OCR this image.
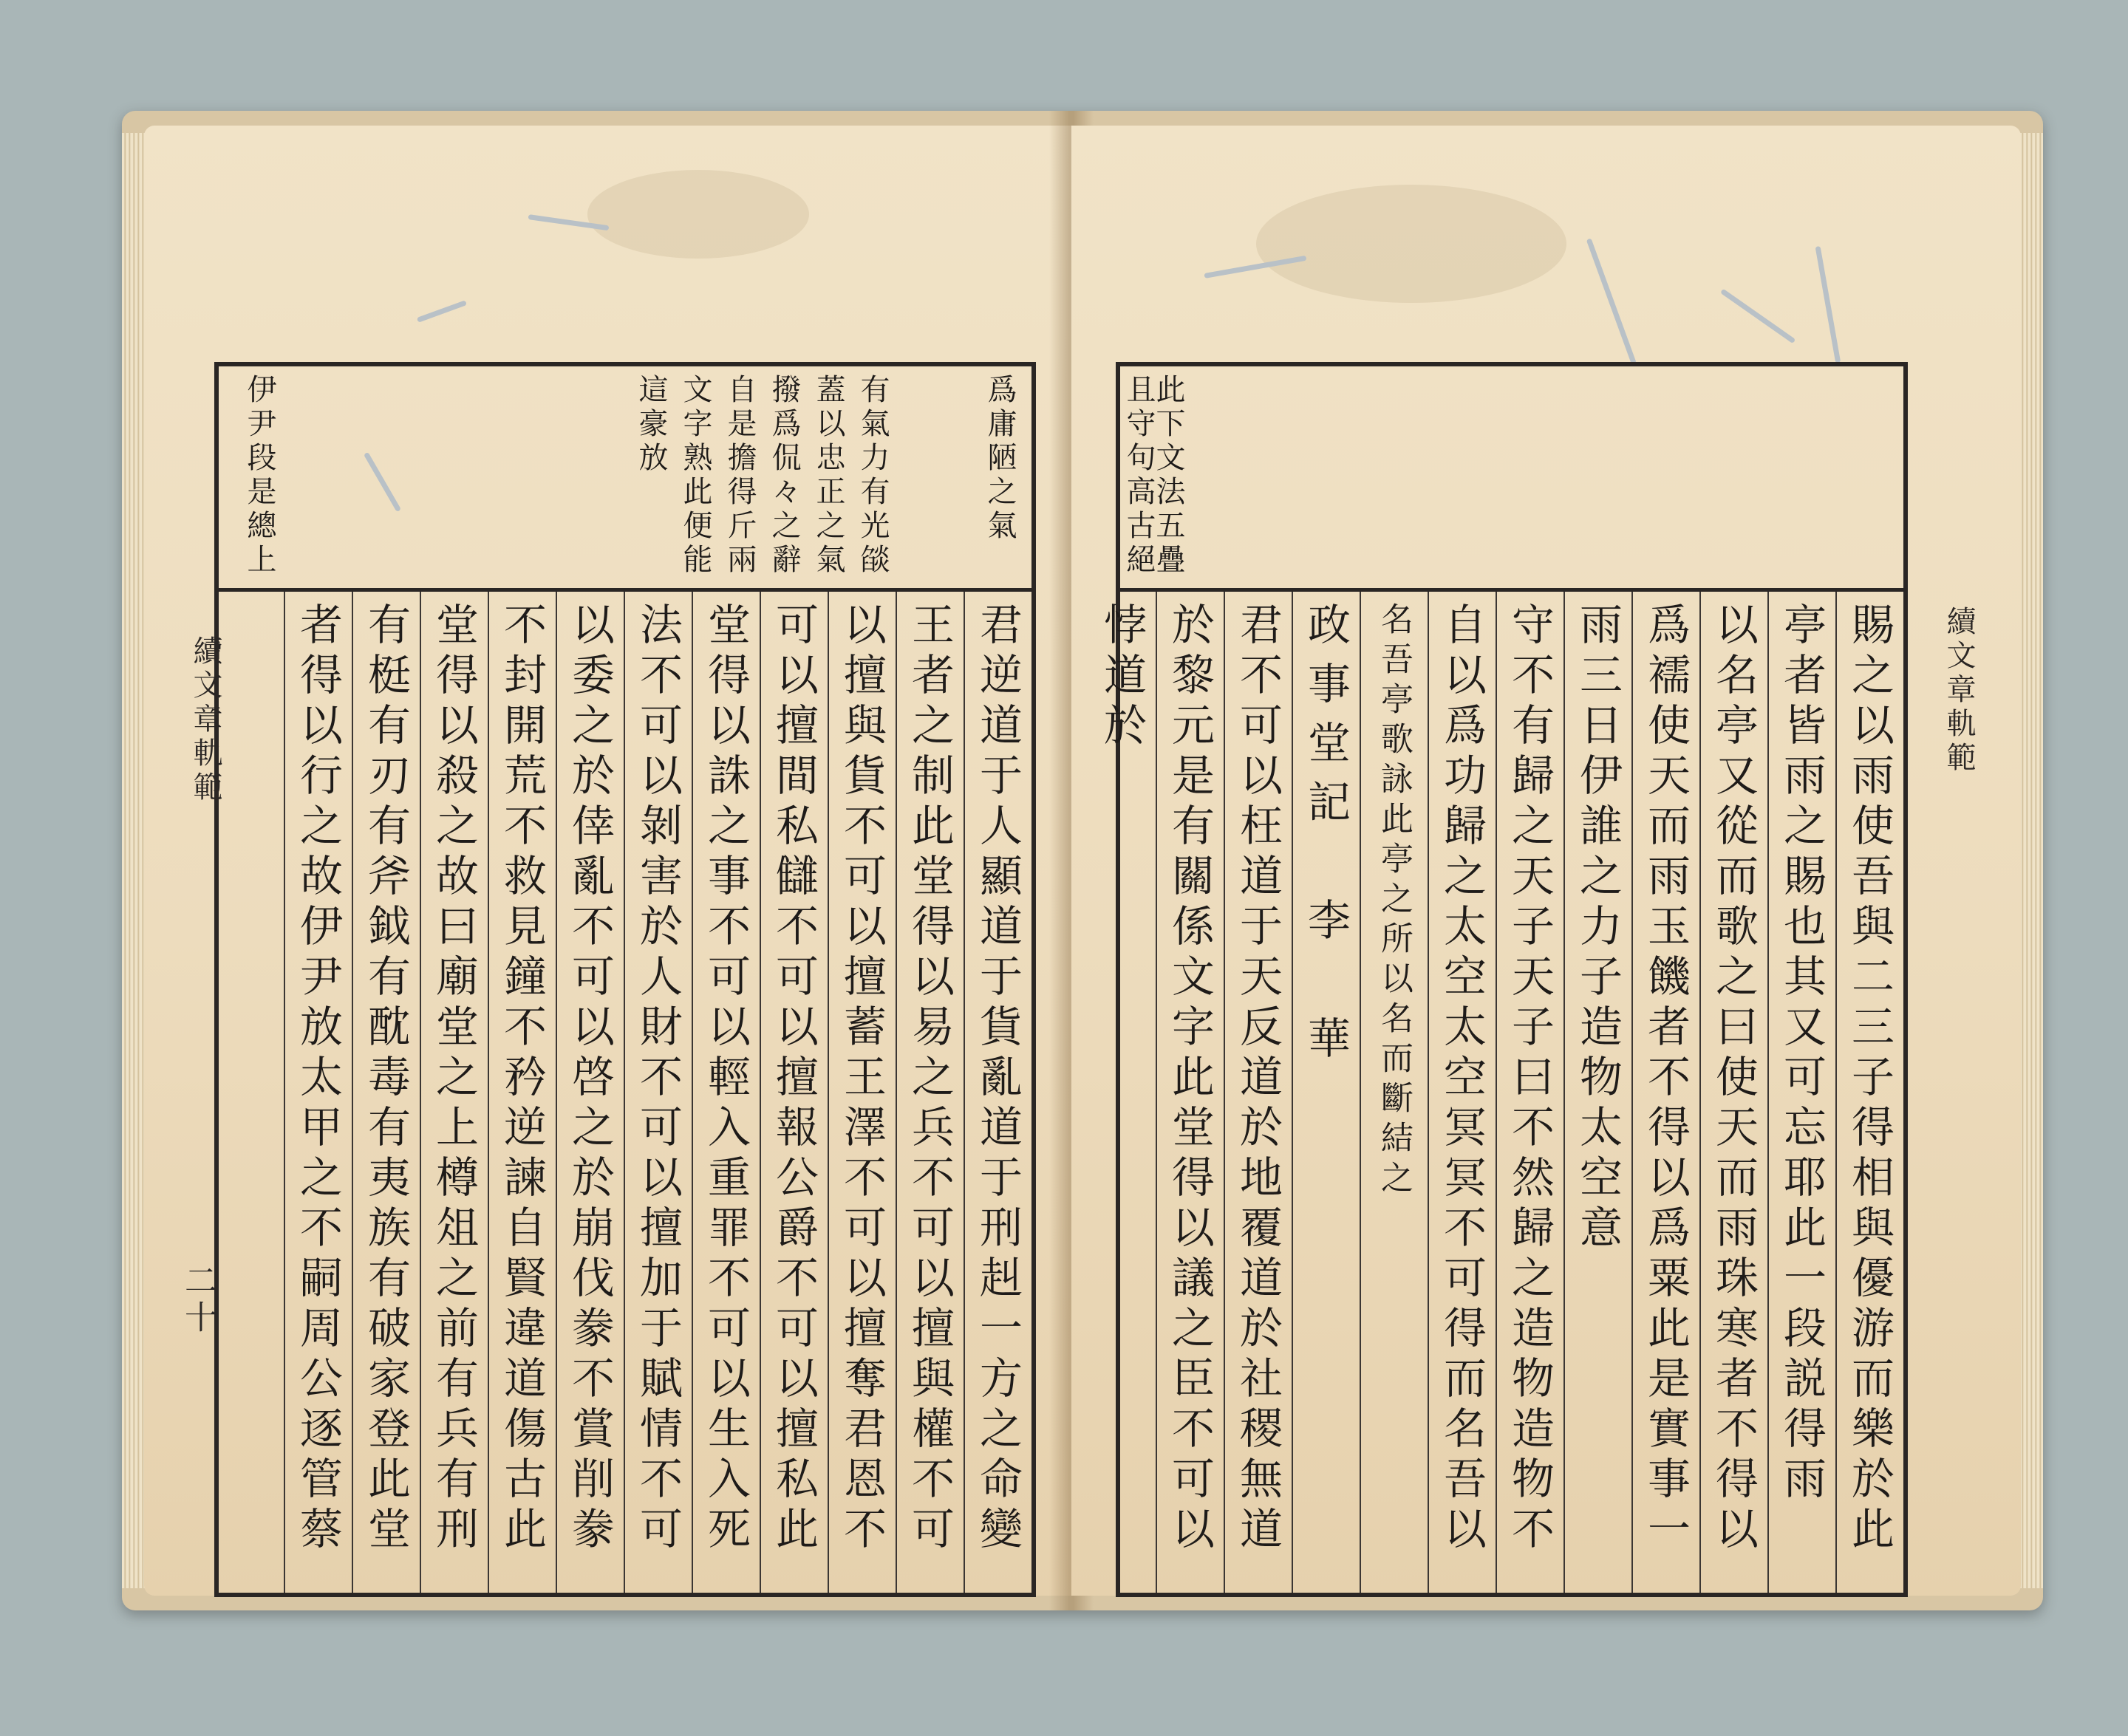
爲庸陋之氣
有氣力有光燄
蓋以忠正之氣
撥爲侃々之辭
自是擔得斤兩
文字熟此便能
這豪放
伊尹段是總上
君逆道于人顯道于貨亂道于刑赳一方之命變
王者之制此堂得以易之兵不可以擅與權不可
以擅與貨不可以擅蓄王澤不可以擅奪君恩不
可以擅間私讎不可以擅報公爵不可以擅私此
堂得以誅之事不可以輕入重罪不可以生入死
法不可以剝害於人財不可以擅加于賦情不可
以委之於倖亂不可以啓之於崩伐豢不賞削豢
不封開荒不救見鐘不矜逆諫自賢違道傷古此
堂得以殺之故曰廟堂之上樽俎之前有兵有刑
有梃有刃有斧鉞有酖毒有夷族有破家登此堂
者得以行之故伊尹放太甲之不嗣周公逐管蔡
續文章軌範
二十
此下文法五疊
且守句高古絕
賜之以雨使吾與二三子得相與優游而樂於此
亭者皆雨之賜也其又可忘耶此一段説得雨
以名亭又從而歌之曰使天而雨珠寒者不得以
爲襦使天而雨玉饑者不得以爲粟此是實事一
雨三日伊誰之力子造物太空意
守不有歸之天子天子曰不然歸之造物造物不
自以爲功歸之太空太空冥冥不可得而名吾以
名吾亭歌詠此亭之所以名而斷結之
政事堂記　李　華
君不可以枉道于天反道於地覆道於社稷無道
於黎元是有關係文字此堂得以議之臣不可以悖道於	續文章軌範
